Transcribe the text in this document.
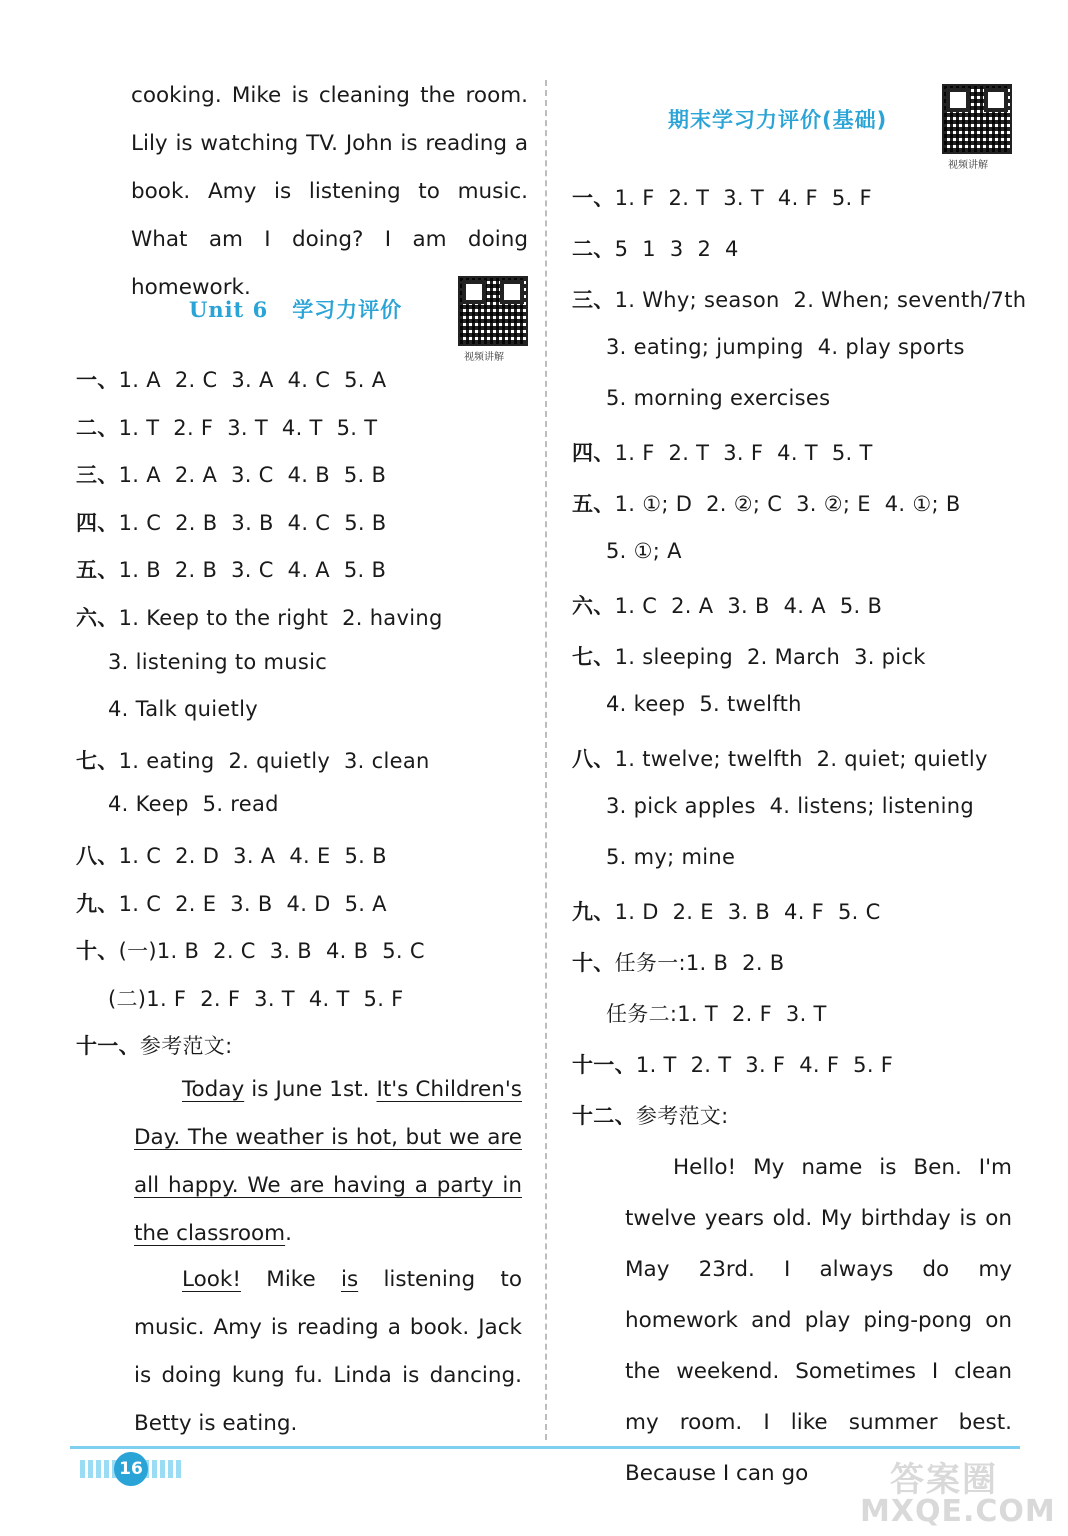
cooking. Mike is cleaning the room. Lily is watching TV. John is reading a book. Amy is listening to music. What am I doing? I am doing homework.
Unit 6 学习力评价
视频讲解
一、1. A  2. C  3. A  4. C  5. A
二、1. T  2. F  3. T  4. T  5. T
三、1. A  2. A  3. C  4. B  5. B
四、1. C  2. B  3. B  4. C  5. B
五、1. B  2. B  3. C  4. A  5. B
六、1. Keep to the right  2. having
3. listening to music
4. Talk quietly
七、1. eating  2. quietly  3. clean
4. Keep  5. read
八、1. C  2. D  3. A  4. E  5. B
九、1. C  2. E  3. B  4. D  5. A
十、(一)1. B  2. C  3. B  4. B  5. C
(二)1. F  2. F  3. T  4. T  5. F
十一、参考范文:
Today is June 1st. It's Children's Day. The weather is hot, but we are all happy. We are having a party in the classroom.
Look! Mike is listening to music. Amy is reading a book. Jack is doing kung fu. Linda is dancing. Betty is eating.
期末学习力评价(基础)
视频讲解
一、1. F  2. T  3. T  4. F  5. F
二、5  1  3  2  4
三、1. Why; season  2. When; seventh/7th
3. eating; jumping  4. play sports
5. morning exercises
四、1. F  2. T  3. F  4. T  5. T
五、1. ①; D  2. ②; C  3. ②; E  4. ①; B
5. ①; A
六、1. C  2. A  3. B  4. A  5. B
七、1. sleeping  2. March  3. pick
4. keep  5. twelfth
八、1. twelve; twelfth  2. quiet; quietly
3. pick apples  4. listens; listening
5. my; mine
九、1. D  2. E  3. B  4. F  5. C
十、任务一:1. B  2. B
任务二:1. T  2. F  3. T
十一、1. T  2. T  3. F  4. F  5. F
十二、参考范文:
Hello! My name is Ben. I'm twelve years old. My birthday is on May 23rd. I always do my homework and play ping-pong on the weekend. Sometimes I clean my room. I like summer best. Because I can go
16	答案圈
MXQE.COM
